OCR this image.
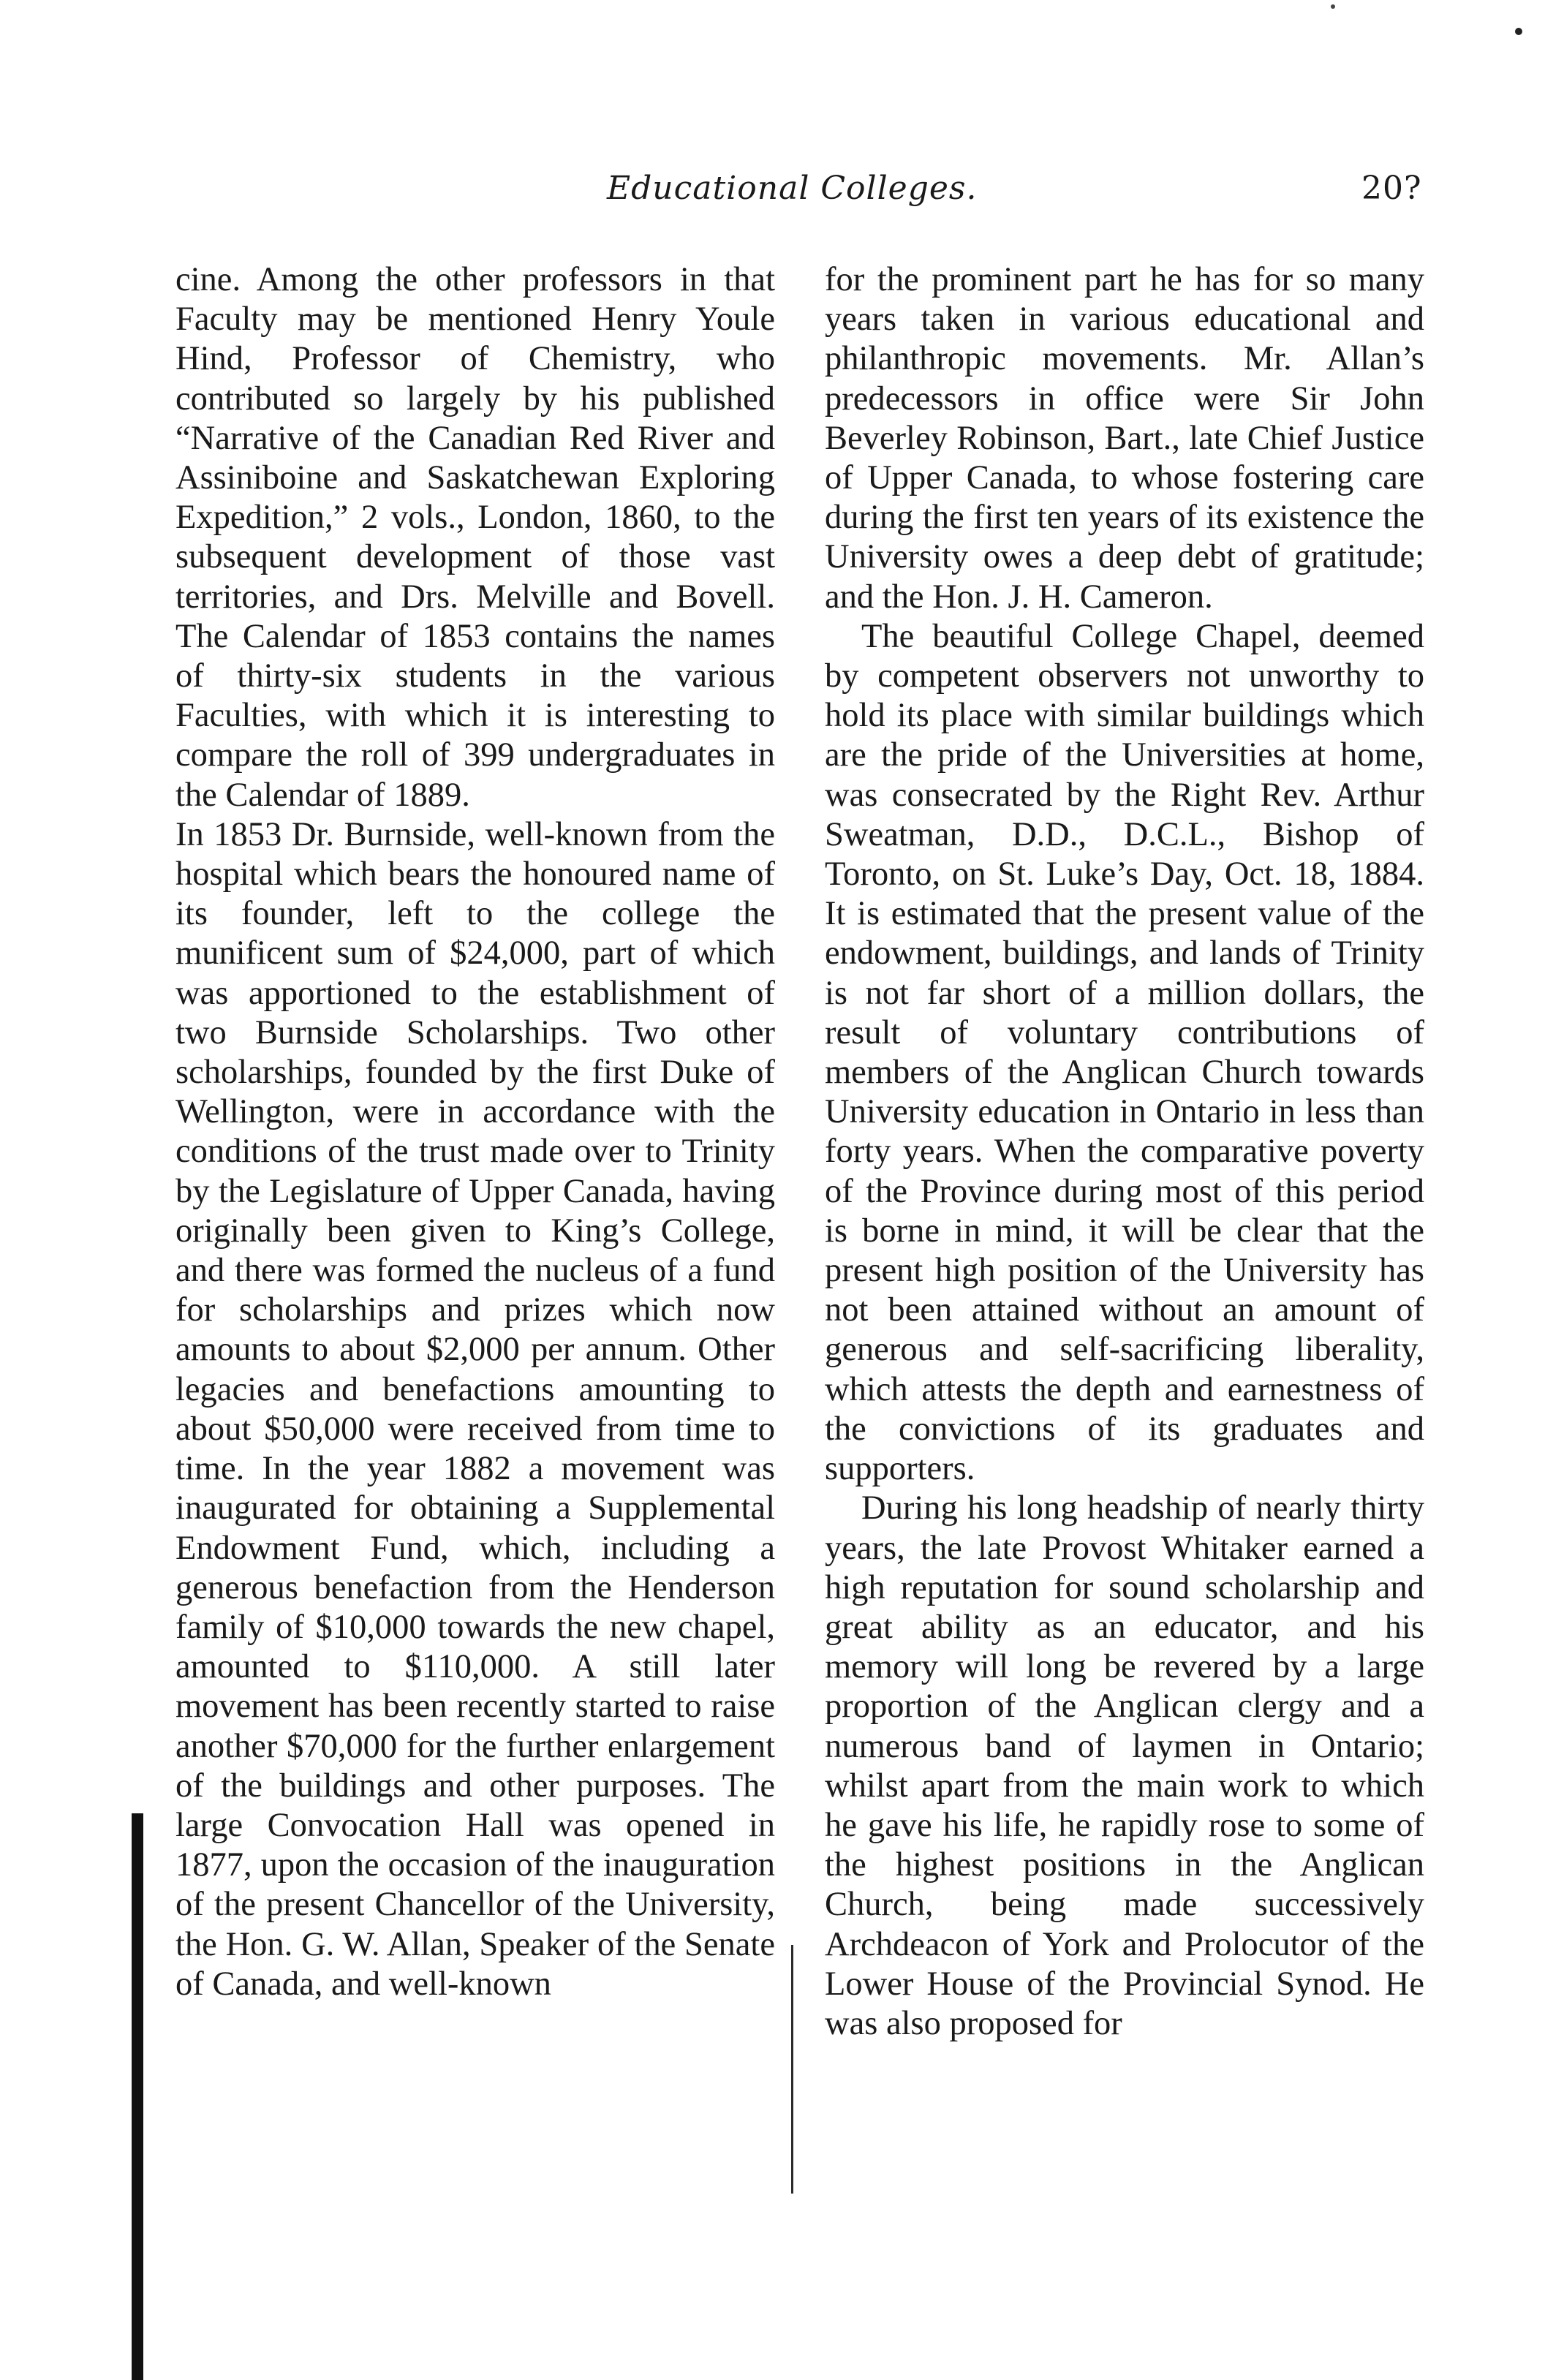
Educational Colleges.	20?

cine. Among the other professors in that Faculty may be mentioned Henry Youle Hind, Professor of Chemistry, who contributed so largely by his published “Narrative of the Canadian Red River and Assiniboine and Saskatchewan Exploring Expedition,” 2 vols., London, 1860, to the subsequent development of those vast territories, and Drs. Melville and Bovell. The Calendar of 1853 contains the names of thirty-six students in the various Faculties, with which it is interesting to compare the roll of 399 undergraduates in the Calendar of 1889.

In 1853 Dr. Burnside, well-known from the hospital which bears the honoured name of its founder, left to the college the munificent sum of $24,000, part of which was apportioned to the establishment of two Burnside Scholarships. Two other scholarships, founded by the first Duke of Wellington, were in accordance with the conditions of the trust made over to Trinity by the Legislature of Upper Canada, having originally been given to King’s College, and there was formed the nucleus of a fund for scholarships and prizes which now amounts to about $2,000 per annum. Other legacies and benefactions amounting to about $50,000 were received from time to time. In the year 1882 a movement was inaugurated for obtaining a Supplemental Endowment Fund, which, including a generous benefaction from the Henderson family of $10,000 towards the new chapel, amounted to $110,000. A still later movement has been recently started to raise another $70,000 for the further enlargement of the buildings and other purposes. The large Convocation Hall was opened in 1877, upon the occasion of the inauguration of the present Chancellor of the University, the Hon. G. W. Allan, Speaker of the Senate of Canada, and well-known

for the prominent part he has for so many years taken in various educational and philanthropic movements. Mr. Allan’s predecessors in office were Sir John Beverley Robinson, Bart., late Chief Justice of Upper Canada, to whose fostering care during the first ten years of its existence the University owes a deep debt of gratitude; and the Hon. J. H. Cameron.

The beautiful College Chapel, deemed by competent observers not unworthy to hold its place with similar buildings which are the pride of the Universities at home, was consecrated by the Right Rev. Arthur Sweatman, D.D., D.C.L., Bishop of Toronto, on St. Luke’s Day, Oct. 18, 1884. It is estimated that the present value of the endowment, buildings, and lands of Trinity is not far short of a million dollars, the result of voluntary contributions of members of the Anglican Church towards University education in Ontario in less than forty years. When the comparative poverty of the Province during most of this period is borne in mind, it will be clear that the present high position of the University has not been attained without an amount of generous and self-sacrificing liberality, which attests the depth and earnestness of the convictions of its graduates and supporters.

During his long headship of nearly thirty years, the late Provost Whitaker earned a high reputation for sound scholarship and great ability as an educator, and his memory will long be revered by a large proportion of the Anglican clergy and a numerous band of laymen in Ontario; whilst apart from the main work to which he gave his life, he rapidly rose to some of the highest positions in the Anglican Church, being made successively Archdeacon of York and Prolocutor of the Lower House of the Provincial Synod. He was also proposed for
